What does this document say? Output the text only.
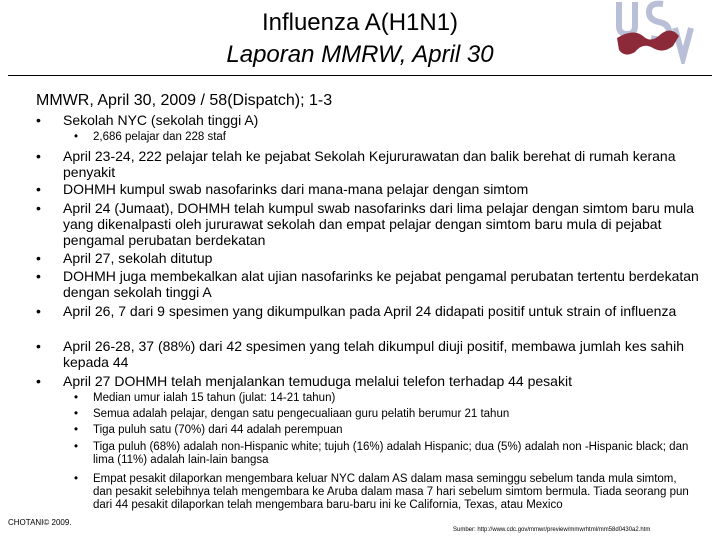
Influenza A(H1N1)
Laporan MMRW, April 30
MMWR, April 30, 2009 / 58(Dispatch); 1-3
• Sekolah NYC (sekolah tinggi A)
• 2,686 pelajar dan 228 staf
• April 23-24, 222 pelajar telah ke pejabat Sekolah Kejururawatan dan balik berehat di rumah kerana penyakit
• DOHMH kumpul swab nasofarinks dari mana-mana pelajar dengan simtom
• April 24 (Jumaat), DOHMH telah kumpul swab nasofarinks dari lima pelajar dengan simtom baru mula yang dikenalpasti oleh jururawat sekolah dan empat pelajar dengan simtom baru mula di pejabat pengamal perubatan berdekatan
• April 27, sekolah ditutup
• DOHMH juga membekalkan alat ujian nasofarinks ke pejabat pengamal perubatan tertentu berdekatan dengan sekolah tinggi A
• April 26, 7 dari 9 spesimen yang dikumpulkan pada April 24 didapati positif untuk strain of influenza
• April 26-28, 37 (88%) dari 42 spesimen yang telah dikumpul diuji positif, membawa jumlah kes sahih kepada 44
• April 27 DOHMH telah menjalankan temuduga melalui telefon terhadap 44 pesakit
• Median umur ialah 15 tahun (julat: 14-21 tahun)
• Semua adalah pelajar, dengan satu pengecualiaan guru pelatih berumur 21 tahun
• Tiga puluh satu (70%) dari 44 adalah perempuan
• Tiga puluh (68%) adalah non-Hispanic white; tujuh (16%) adalah Hispanic; dua (5%) adalah non -Hispanic black; dan lima (11%) adalah lain-lain bangsa
• Empat pesakit dilaporkan mengembara keluar NYC dalam AS dalam masa seminggu sebelum tanda mula simtom, dan pesakit selebihnya telah mengembara ke Aruba dalam masa 7 hari sebelum simtom bermula. Tiada seorang pun dari 44 pesakit dilaporkan telah mengembara baru-baru ini ke California, Texas, atau Mexico
CHOTANI© 2009.
Sumber: http://www.cdc.gov/mmwr/preview/mmwrhtml/mm58d0430a2.htm
